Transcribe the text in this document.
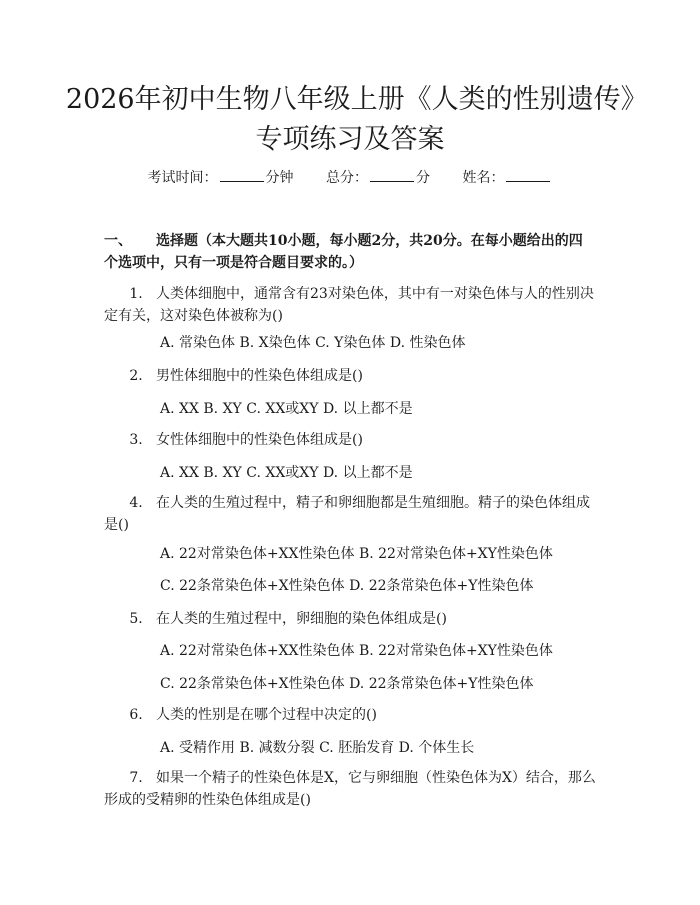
2026年初中生物八年级上册《人类的性别遗传》专项练习及答案
考试时间：	分钟 总分：	分 姓名：
一、	选择题（本大题共10小题，每小题2分，共20分。在每小题给出的四个选项中，只有一项是符合题目要求的。）
1. 人类体细胞中，通常含有23对染色体，其中有一对染色体与人的性别决定有关，这对染色体被称为()
A. 常染色体 B. X染色体 C. Y染色体 D. 性染色体
2. 男性体细胞中的性染色体组成是()
A. XX B. XY C. XX或XY D. 以上都不是
3. 女性体细胞中的性染色体组成是()
A. XX B. XY C. XX或XY D. 以上都不是
4. 在人类的生殖过程中，精子和卵细胞都是生殖细胞。精子的染色体组成是()
A. 22对常染色体+XX性染色体 B. 22对常染色体+XY性染色体
C. 22条常染色体+X性染色体 D. 22条常染色体+Y性染色体
5. 在人类的生殖过程中，卵细胞的染色体组成是()
A. 22对常染色体+XX性染色体 B. 22对常染色体+XY性染色体
C. 22条常染色体+X性染色体 D. 22条常染色体+Y性染色体
6. 人类的性别是在哪个过程中决定的()
A. 受精作用 B. 减数分裂 C. 胚胎发育 D. 个体生长
7. 如果一个精子的性染色体是X，它与卵细胞（性染色体为X）结合，那么形成的受精卵的性染色体组成是()
